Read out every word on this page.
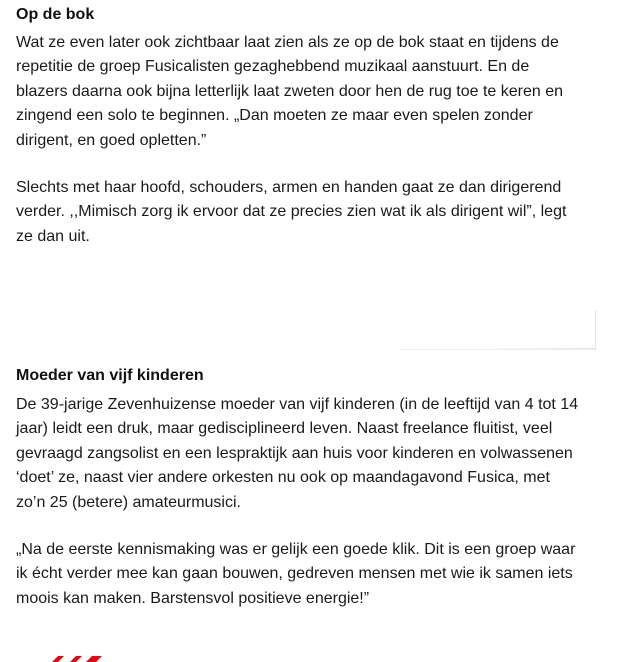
Op de bok
Wat ze even later ook zichtbaar laat zien als ze op de bok staat en tijdens de
repetitie de groep Fusicalisten gezaghebbend muzikaal aanstuurt. En de
blazers daarna ook bijna letterlijk laat zweten door hen de rug toe te keren en
zingend een solo te beginnen. „Dan moeten ze maar even spelen zonder
dirigent, en goed opletten.”
Slechts met haar hoofd, schouders, armen en handen gaat ze dan dirigerend
verder. ,,Mimisch zorg ik ervoor dat ze precies zien wat ik als dirigent wil”, legt
ze dan uit.
Moeder van vijf kinderen
De 39-jarige Zevenhuizense moeder van vijf kinderen (in de leeftijd van 4 tot 14
jaar) leidt een druk, maar gedisciplineerd leven. Naast freelance fluitist, veel
gevraagd zangsolist en een lespraktijk aan huis voor kinderen en volwassenen
‘doet’ ze, naast vier andere orkesten nu ook op maandagavond Fusica, met
zo’n 25 (betere) amateurmusici.
„Na de eerste kennismaking was er gelijk een goede klik. Dit is een groep waar
ik écht verder mee kan gaan bouwen, gedreven mensen met wie ik samen iets
moois kan maken. Barstensvol positieve energie!”
